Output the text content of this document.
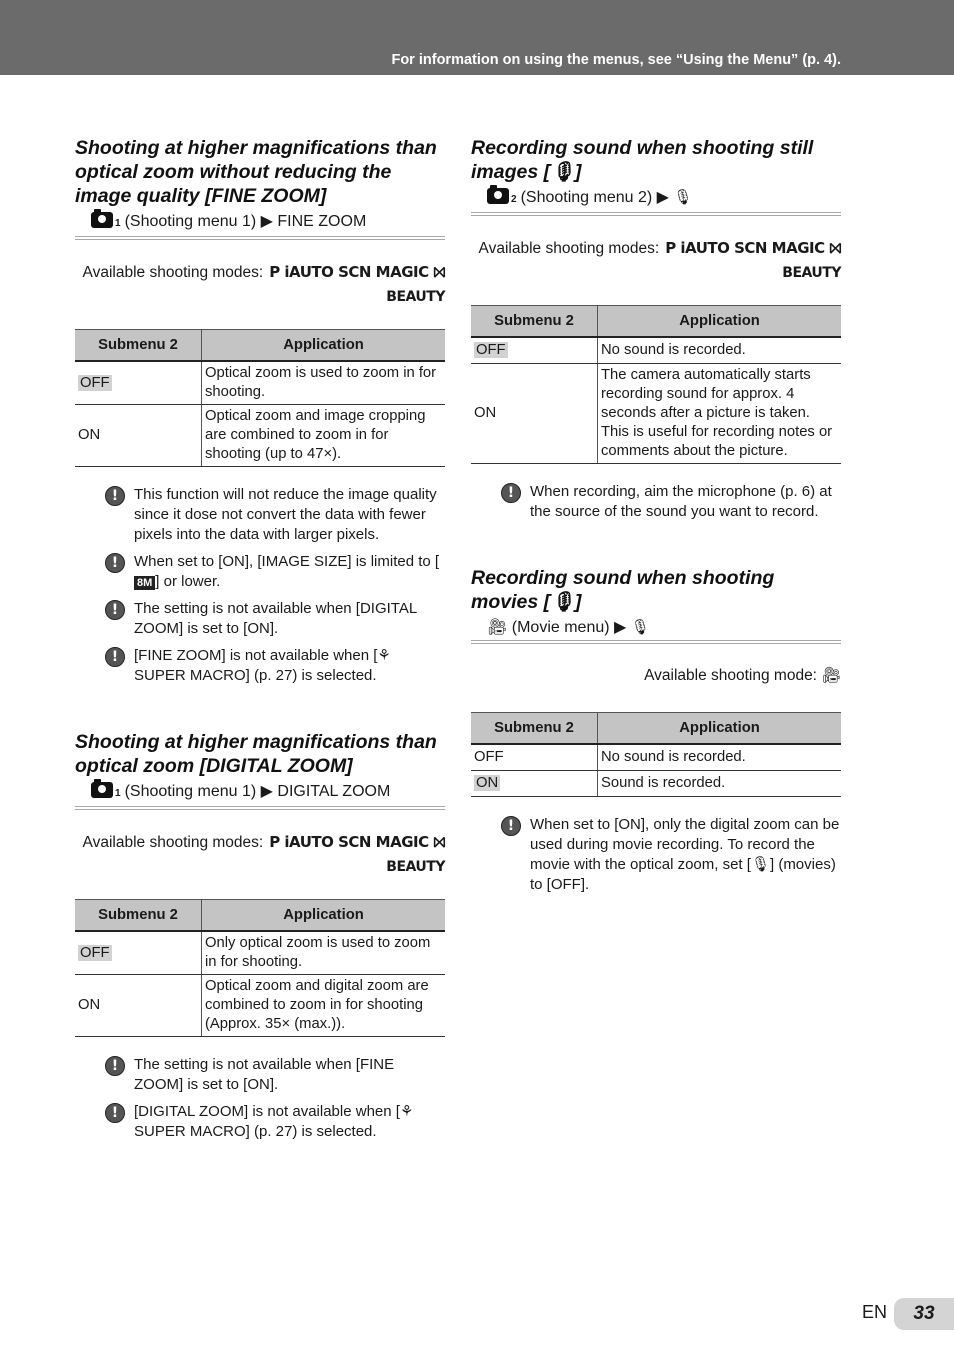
For information on using the menus, see “Using the Menu” (p. 4).
Shooting at higher magnifications than optical zoom without reducing the image quality [FINE ZOOM]
1 (Shooting menu 1) ▶ FINE ZOOM
Available shooting modes: P iAUTO SCN MAGIC ⨝
BEAUTY
Submenu 2	Application
OFF	Optical zoom is used to zoom in for shooting.
ON	Optical zoom and image cropping are combined to zoom in for shooting (up to 47×).
!	This function will not reduce the image quality since it dose not convert the data with fewer pixels into the data with larger pixels.
!	When set to [ON], [IMAGE SIZE] is limited to [8M ] or lower.
!	The setting is not available when [DIGITAL ZOOM] is set to [ON].
!	[FINE ZOOM] is not available when [⚘ SUPER MACRO] (p. 27) is selected.
Shooting at higher magnifications than optical zoom [DIGITAL ZOOM]
1 (Shooting menu 1) ▶ DIGITAL ZOOM
Available shooting modes: P iAUTO SCN MAGIC ⨝
BEAUTY
Submenu 2	Application
OFF	Only optical zoom is used to zoom in for shooting.
ON	Optical zoom and digital zoom are combined to zoom in for shooting (Approx. 35× (max.)).
!	The setting is not available when [FINE ZOOM] is set to [ON].
!	[DIGITAL ZOOM] is not available when [⚘ SUPER MACRO] (p. 27) is selected.
Recording sound when shooting still images [🎙︎]
2 (Shooting menu 2) ▶ 🎙︎
Available shooting modes: P iAUTO SCN MAGIC ⨝
BEAUTY
Submenu 2	Application
OFF	No sound is recorded.
ON	The camera automatically starts recording sound for approx. 4 seconds after a picture is taken. This is useful for recording notes or comments about the picture.
!	When recording, aim the microphone (p. 6) at the source of the sound you want to record.
Recording sound when shooting movies [🎙︎]
🎥︎ (Movie menu) ▶ 🎙︎
Available shooting mode: 🎥︎
Submenu 2	Application
OFF	No sound is recorded.
ON	Sound is recorded.
!	When set to [ON], only the digital zoom can be used during movie recording. To record the movie with the optical zoom, set [🎙︎] (movies) to [OFF].
EN	33
